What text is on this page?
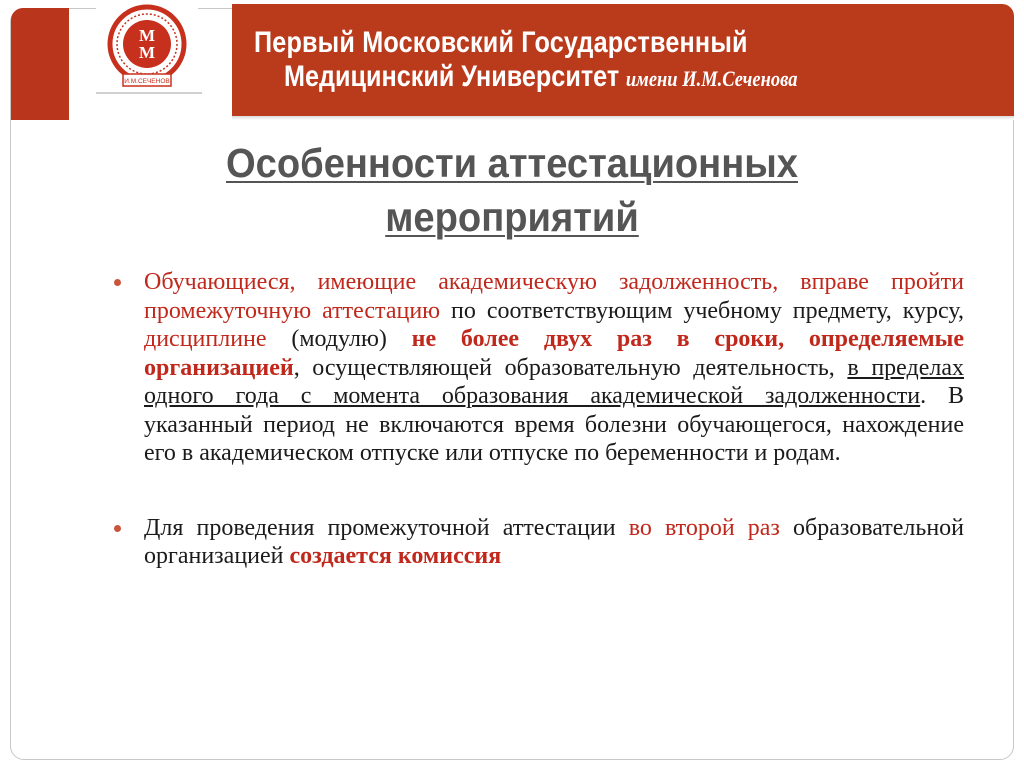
M
M
И.М.СЕЧЕНОВ
Первый Московский Государственный
Медицинский Университет имени И.М.Сеченова
Особенности аттестационных
мероприятий
Обучающиеся, имеющие академическую задолженность, вправе пройти промежуточную аттестацию по соответствующим учебному предмету, курсу, дисциплине (модулю) не более двух раз в сроки, определяемые организацией, осуществляющей образовательную деятельность, в пределах одного года с момента образования академической задолженности. В указанный период не включаются время болезни обучающегося, нахождение его в академическом отпуске или отпуске по беременности и родам.
Для проведения промежуточной аттестации во второй раз образовательной организацией создается комиссия
